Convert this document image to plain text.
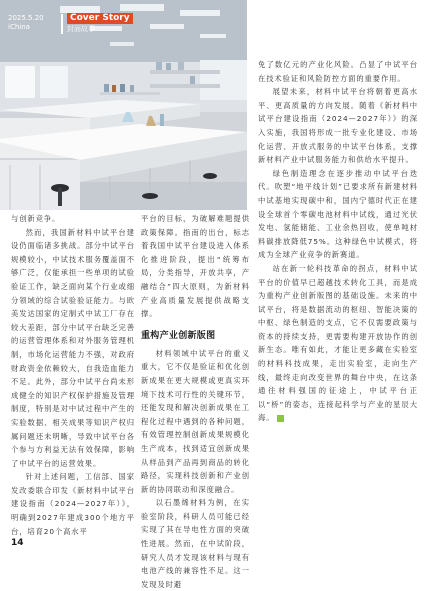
2025.5.20
iChina
Cover Story
封面故事

免了数亿元的产业化风险。凸显了中试平台在技术验证和风险防控方面的重要作用。

展望未来，材料中试平台将朝着更高水平、更高质量的方向发展。随着《新材料中试平台建设指南（2024—2027年）》的深入实施，我国将形成一批专业化建设、市场化运营、开放式服务的中试平台体系，支撑新材料产业中试服务能力和供给水平提升。

绿色制造理念在逐步推动中试平台迭代。吹塑“地平线计划”已要求所有新建材料中试基地实现碳中和，国内宁德时代正在建设全球首个零碳电池材料中试线，通过光伏发电、氢能储能、工业余热回收，使单吨材料碳排放降低75%。这种绿色中试模式，将成为全球产业竞争的新赛道。

站在新一轮科技革命的拐点，材料中试平台的价值早已超越技术转化工具，而是成为重构产业创新版图的基础设施。未来的中试平台，将是数据流动的枢纽、智能决策的中枢、绿色制造的支点，它不仅需要政策与资本的持续支持，更需要构建开放协作的创新生态。唯有如此，才能让更多藏在实验室的材料科技成果，走出实验室，走向生产线，最终走向改变世界的舞台中央，在这条通往材料强国的征途上，中试平台正以“桥”的姿态，连接起科学与产业的星辰大海。

与创新竞争。

然而，我国新材料中试平台建设仍面临诸多挑战。部分中试平台规模较小，中试技术服务覆盖面不够广泛，仅能承担一些单项的试验验证工作，缺乏面向某个行业或细分领域的综合试验验证能力。与欧美发达国家的定制式中试工厂存在较大差距，部分中试平台缺乏完善的运营管理体系和对外服务管理机制，市场化运营能力不强，对政府财政资金依赖较大，自我造血能力不足。此外，部分中试平台尚未形成健全的知识产权保护措施及管理制度，特别是对中试过程中产生的实验数据、相关成果等知识产权归属问题还未明晰，导致中试平台各个参与方利益无法有效保障，影响了中试平台的运营效果。

针对上述问题，工信部、国家发改委联合印发《新材料中试平台建设指南（2024—2027年）》，明确到2027年建成300个地方平台，培育20个高水平

平台的目标，为破解难题提供政策保障。指南的出台，标志着我国中试平台建设进入体系化推进阶段，提出“统筹布局，分类指导，开放共享，产融结合”四大原则，为新材料产业高质量发展提供战略支撑。

重构产业创新版图

材料领域中试平台的重义重大，它不仅是验证和优化创新成果在更大规模或更真实环境下技术可行性的关键环节，还能发现和解决创新成果在工程化过程中遇到的各种问题，有效管理控制创新成果规模化生产成本，找到适宜创新成果从样品到产品再到商品的转化路径，实现科技创新和产业创新的协同联动和深度融合。

以石墨烯材料为例，在实验室阶段，科研人员可能已经实现了其在导电性方面的突破性进展。然而，在中试阶段，研究人员才发现该材料与现有电池产线的兼容性不足。这一发现及时避

14
